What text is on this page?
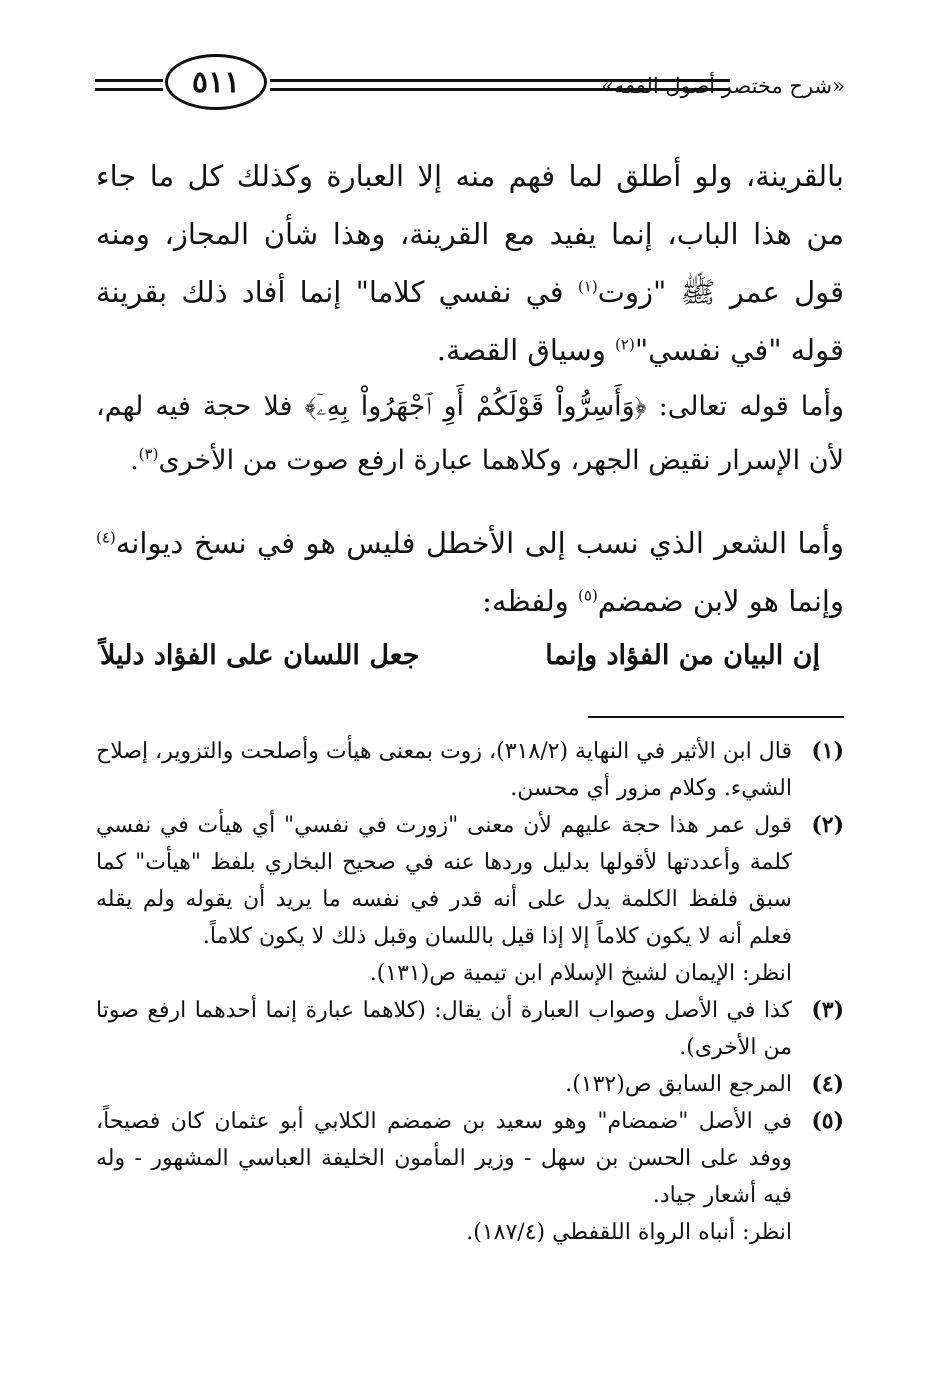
٥١١	«شرح مختصر أصول الفقه»
بالقرينة، ولو أطلق لما فهم منه إلا العبارة وكذلك كل ما جاء من هذا الباب، إنما يفيد مع القرينة، وهذا شأن المجاز، ومنه قول عمر ﷺ "زوت$^{(١)}$ في نفسي كلاما" إنما أفاد ذلك بقرينة قوله "في نفسي"$^{(٢)}$ وسياق القصة.
وأما قوله تعالى: ﴿وَأَسِرُّواْ قَوْلَكُمْ أَوِ ٱجْهَرُواْ بِهِۦٓ﴾ فلا حجة فيه لهم، لأن الإسرار نقيض الجهر، وكلاهما عبارة ارفع صوت من الأخرى$^{(٣)}$.
وأما الشعر الذي نسب إلى الأخطل فليس هو في نسخ ديوانه$^{(٤)}$ وإنما هو لابن ضمضم$^{(٥)}$ ولفظه:
إن البيان من الفؤاد وإنما
جعل اللسان على الفؤاد دليلاً
(١)
قال ابن الأثير في النهاية (٣١٨/٢)، زوت بمعنى هيأت وأصلحت والتزوير، إصلاح الشيء. وكلام مزور أي محسن.
(٢)
قول عمر هذا حجة عليهم لأن معنى "زورت في نفسي" أي هيأت في نفسي كلمة وأعددتها لأقولها بدليل وردها عنه في صحيح البخاري بلفظ "هيأت" كما سبق فلفظ الكلمة يدل على أنه قدر في نفسه ما يريد أن يقوله ولم يقله فعلم أنه لا يكون كلاماً إلا إذا قيل باللسان وقبل ذلك لا يكون كلاماً.
انظر: الإيمان لشيخ الإسلام ابن تيمية ص(١٣١).
(٣)
كذا في الأصل وصواب العبارة أن يقال: (كلاهما عبارة إنما أحدهما ارفع صوتا من الأخرى).
(٤)
المرجع السابق ص(١٣٢).
(٥)
في الأصل "ضمضام" وهو سعيد بن ضمضم الكلابي أبو عثمان كان فصيحاً، ووفد على الحسن بن سهل - وزير المأمون الخليفة العباسي المشهور - وله فيه أشعار جياد.
انظر: أنباه الرواة اللقفطي (١٨٧/٤).
